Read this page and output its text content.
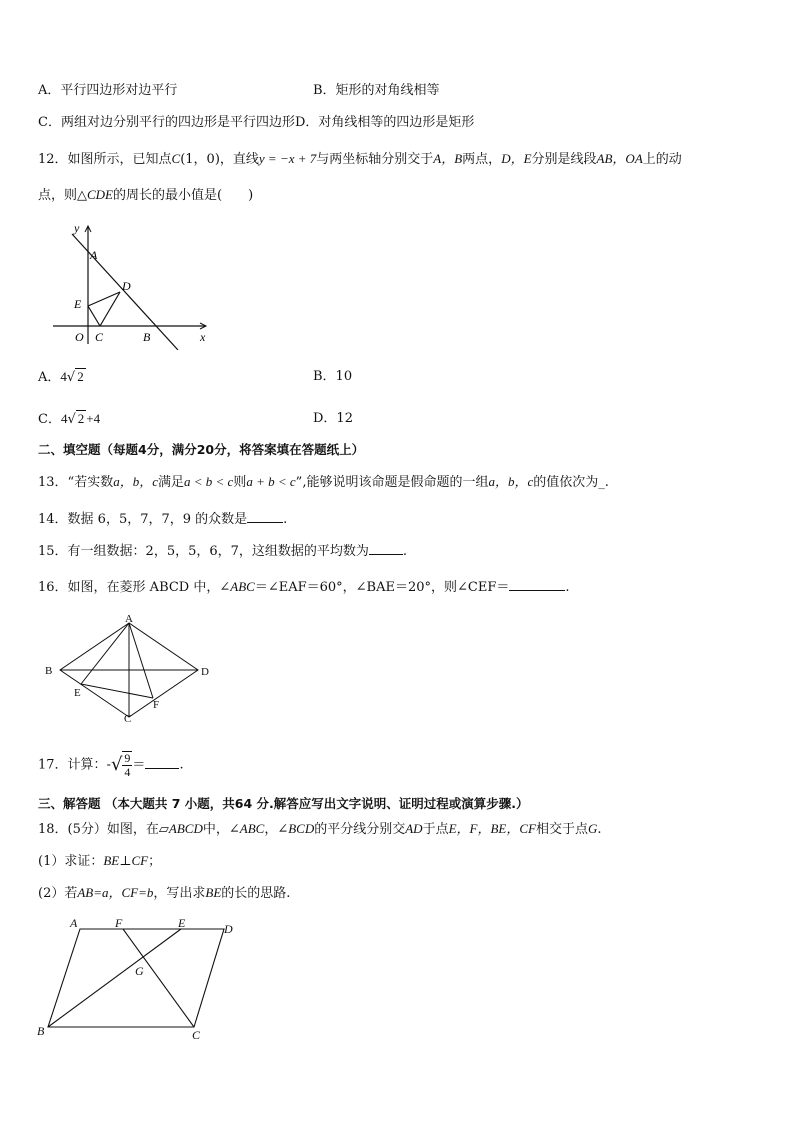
A．平行四边形对边平行	B．矩形的对角线相等
C．两组对边分别平行的四边形是平行四边形D．对角线相等的四边形是矩形
12．如图所示，已知点C(1，0)，直线y = −x + 7与两坐标轴分别交于A，B两点，D，E分别是线段AB，OA上的动
点，则△CDE的周长的最小值是(　　)
y
A
D
E
O C	B	x
A．4√ 2	B．10
C．4√ 2 +4	D．12
二、填空题（每题4分，满分20分，将答案填在答题纸上）
13．“若实数a，b，c满足a < b < c则a + b < c”,能够说明该命题是假命题的一组a，b，c的值依次为_.
14．数据 6，5，7，7，9 的众数是	.
15．有一组数据：2，5，5，6，7，这组数据的平均数为	.
16．如图，在菱形 ABCD 中，∠ABC＝∠EAF＝60°，∠BAE＝20°，则∠CEF＝	.
A
B	D
E
F
C
17．计算：-√ $\frac{9}{4}$ ＝	.
三、解答题 （本大题共 7 小题，共64 分.解答应写出文字说明、证明过程或演算步骤.）
18．(5分）如图，在▱ABCD中，∠ABC，∠BCD的平分线分别交AD于点E，F，BE，CF相交于点G.
(1）求证：BE⊥CF；
(2）若AB=a，CF=b，写出求BE的长的思路.
A	F	E	D
G
B	C
